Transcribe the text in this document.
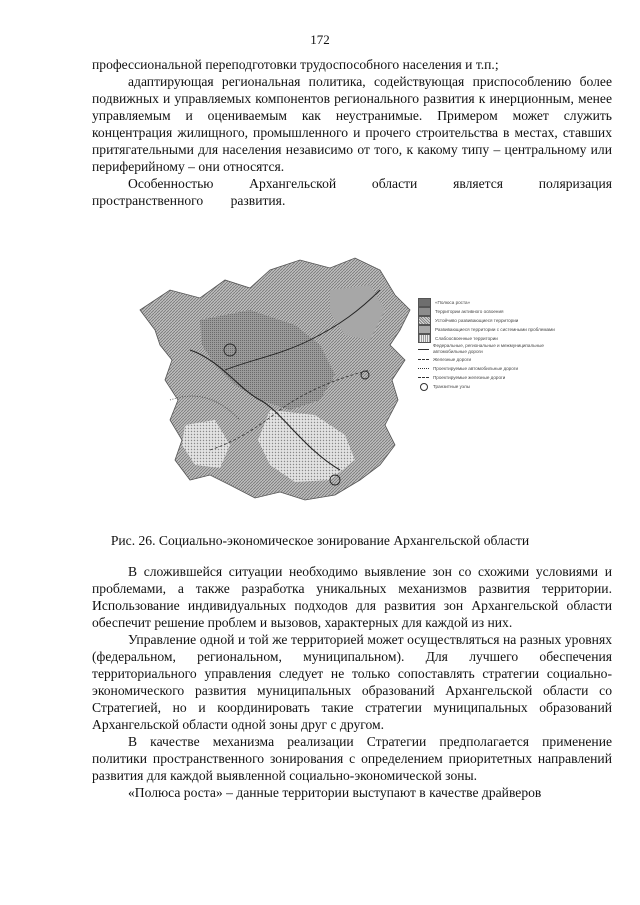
172

профессиональной переподготовки трудоспособного населения и т.п.;

адаптирующая региональная политика, содействующая приспособлению более подвижных и управляемых компонентов регионального развития к инерционным, менее управляемым и оцениваемым как неустранимые. Примером может служить концентрация жилищного, промышленного и прочего строительства в местах, ставших притягательными для населения независимо от того, к какому типу – центральному или периферийному – они относятся.

Особенностью Архангельской области является поляризация пространственного развития.

«Полюса роста»
Территории активного освоения
Устойчиво развивающиеся территории
Развивающиеся территории с системными проблемами
Слабоосвоенные территории
Федеральные, региональные и межмуниципальные автомобильные дороги
Железные дороги
Проектируемые автомобильные дороги
Проектируемые железные дороги
Транзитные узлы
Рис. 26. Социально-экономическое зонирование Архангельской области

В сложившейся ситуации необходимо выявление зон со схожими условиями и проблемами, а также разработка уникальных механизмов развития территории. Использование индивидуальных подходов для развития зон Архангельской области обеспечит решение проблем и вызовов, характерных для каждой из них.

Управление одной и той же территорией может осуществляться на разных уровнях (федеральном, региональном, муниципальном). Для лучшего обеспечения территориального управления следует не только сопоставлять стратегии социально-экономического развития муниципальных образований Архангельской области со Стратегией, но и координировать такие стратегии муниципальных образований Архангельской области одной зоны друг с другом.

В качестве механизма реализации Стратегии предполагается применение политики пространственного зонирования с определением приоритетных направлений развития для каждой выявленной социально-экономической зоны.

«Полюса роста» – данные территории выступают в качестве драйверов
